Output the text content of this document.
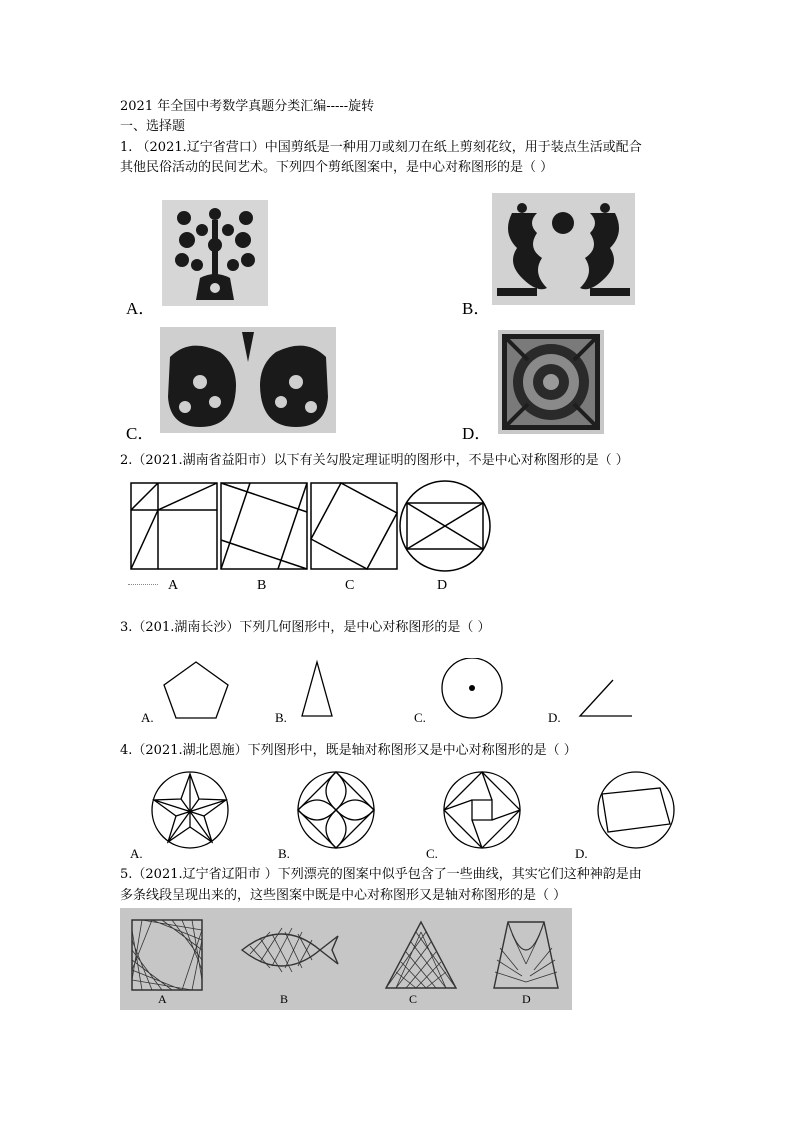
2021 年全国中考数学真题分类汇编-----旋转
一、选择题
1. （2021.辽宁省营口）中国剪纸是一种用刀或刻刀在纸上剪刻花纹，用于装点生活或配合
其他民俗活动的民间艺术。下列四个剪纸图案中，是中心对称图形的是（ ）
A．	B．
C．	D．
2.（2021.湖南省益阳市）以下有关勾股定理证明的图形中，不是中心对称图形的是（ ）
A	B	C	D
3.（201.湖南长沙）下列几何图形中，是中心对称图形的是（ ）
A.	B.	C.	D.
4.（2021.湖北恩施）下列图形中，既是轴对称图形又是中心对称图形的是（ ）
A.	B.	C.	D.
5.（2021.辽宁省辽阳市 ）下列漂亮的图案中似乎包含了一些曲线，其实它们这种神韵是由
多条线段呈现出来的，这些图案中既是中心对称图形又是轴对称图形的是（ ）
A	B	C	D
